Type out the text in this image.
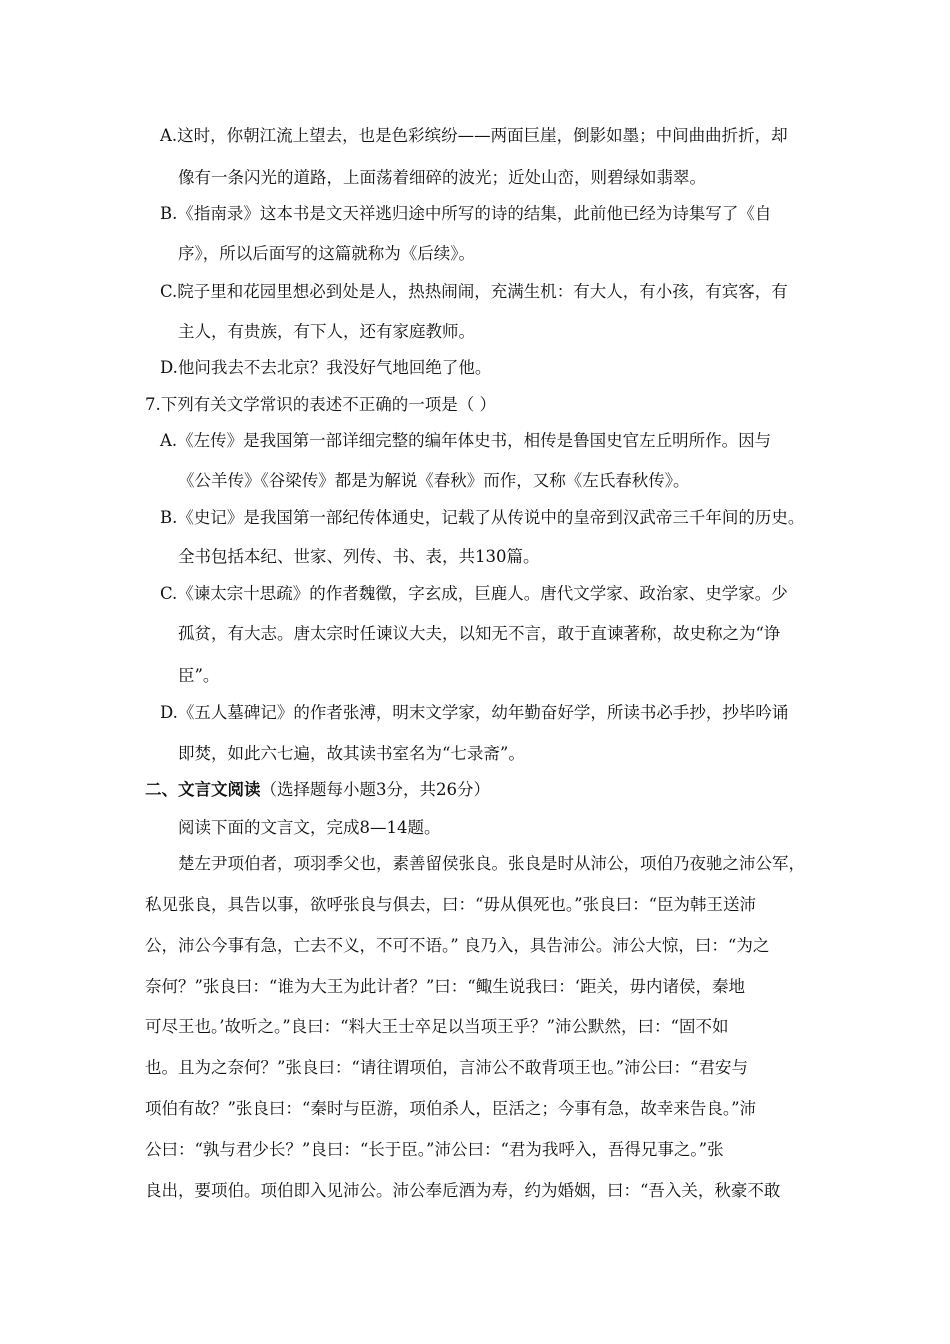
A.这时，你朝江流上望去，也是色彩缤纷——两面巨崖，倒影如墨；中间曲曲折折，却
像有一条闪光的道路，上面荡着细碎的波光；近处山峦，则碧绿如翡翠。
B.《指南录》这本书是文天祥逃归途中所写的诗的结集，此前他已经为诗集写了《自
序》，所以后面写的这篇就称为《后续》。
C.院子里和花园里想必到处是人，热热闹闹，充满生机：有大人，有小孩，有宾客，有
主人，有贵族，有下人，还有家庭教师。
D.他问我去不去北京？我没好气地回绝了他。
7.下列有关文学常识的表述不正确的一项是（ ）
A.《左传》是我国第一部详细完整的编年体史书，相传是鲁国史官左丘明所作。因与
《公羊传》《谷梁传》都是为解说《春秋》而作，又称《左氏春秋传》。
B.《史记》是我国第一部纪传体通史，记载了从传说中的皇帝到汉武帝三千年间的历史。
全书包括本纪、世家、列传、书、表，共130篇。
C.《谏太宗十思疏》的作者魏徵，字玄成，巨鹿人。唐代文学家、政治家、史学家。少
孤贫，有大志。唐太宗时任谏议大夫，以知无不言，敢于直谏著称，故史称之为“诤
臣”。
D.《五人墓碑记》的作者张溥，明末文学家，幼年勤奋好学，所读书必手抄，抄毕吟诵
即焚，如此六七遍，故其读书室名为“七录斋”。
二、文言文阅读（选择题每小题3分，共26分）
阅读下面的文言文，完成8—14题。
楚左尹项伯者，项羽季父也，素善留侯张良。张良是时从沛公，项伯乃夜驰之沛公军，
私见张良，具告以事，欲呼张良与俱去，曰：“毋从俱死也。”张良曰：“臣为韩王送沛
公，沛公今事有急，亡去不义，不可不语。” 良乃入，具告沛公。沛公大惊，曰：“为之
奈何？”张良曰：“谁为大王为此计者？”曰：“鲰生说我曰：‘距关，毋内诸侯，秦地
可尽王也。’故听之。”良曰：“料大王士卒足以当项王乎？”沛公默然，曰：“固不如
也。且为之奈何？”张良曰：“请往谓项伯，言沛公不敢背项王也。”沛公曰：“君安与
项伯有故？”张良曰：“秦时与臣游，项伯杀人，臣活之；今事有急，故幸来告良。”沛
公曰：“孰与君少长？”良曰：“长于臣。”沛公曰：“君为我呼入，吾得兄事之。”张
良出，要项伯。项伯即入见沛公。沛公奉卮酒为寿，约为婚姻，曰：“吾入关，秋豪不敢
